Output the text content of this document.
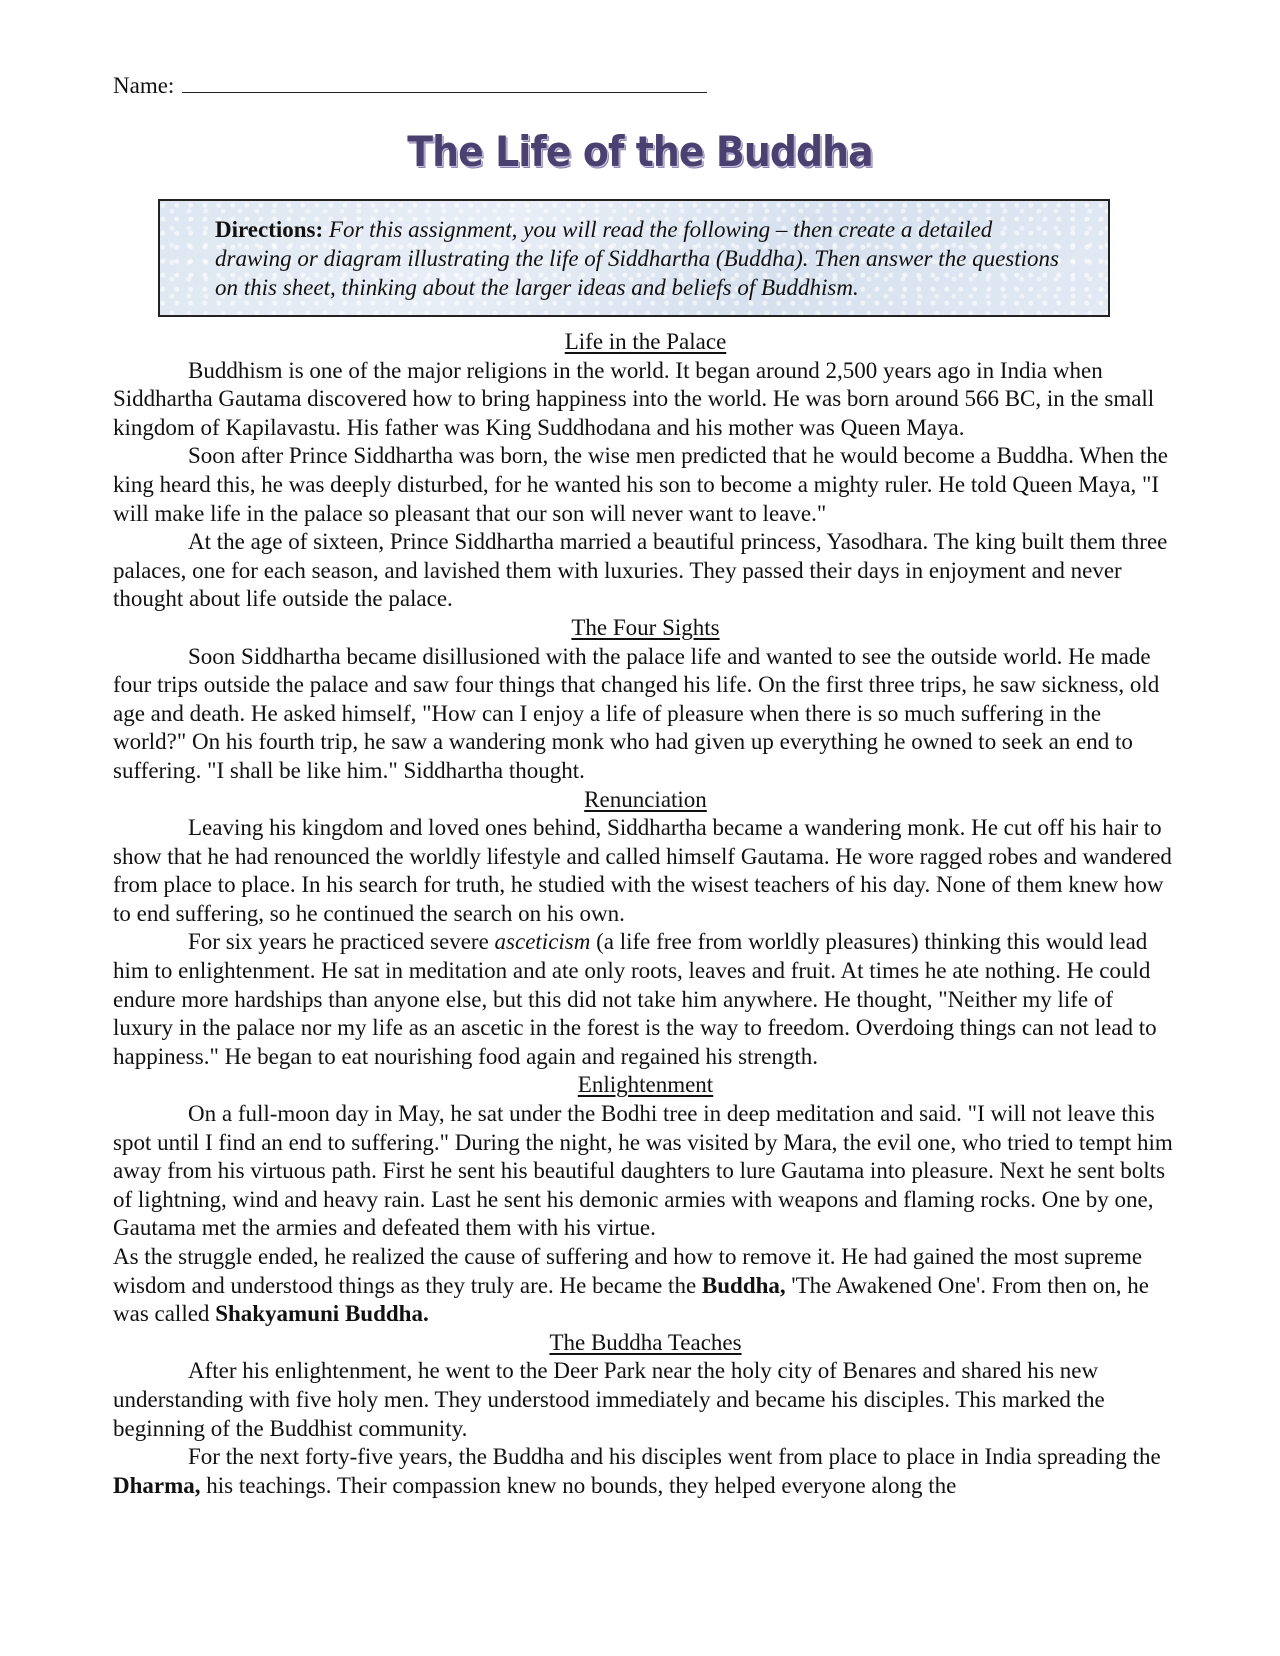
Name:
The Life of the Buddha
Directions: For this assignment, you will read the following – then create a detailed drawing or diagram illustrating the life of Siddhartha (Buddha). Then answer the questions on this sheet, thinking about the larger ideas and beliefs of Buddhism.
Life in the Palace

Buddhism is one of the major religions in the world. It began around 2,500 years ago in India when Siddhartha Gautama discovered how to bring happiness into the world. He was born around 566 BC, in the small kingdom of Kapilavastu. His father was King Suddhodana and his mother was Queen Maya.

Soon after Prince Siddhartha was born, the wise men predicted that he would become a Buddha. When the king heard this, he was deeply disturbed, for he wanted his son to become a mighty ruler. He told Queen Maya, "I will make life in the palace so pleasant that our son will never want to leave."

At the age of sixteen, Prince Siddhartha married a beautiful princess, Yasodhara. The king built them three palaces, one for each season, and lavished them with luxuries. They passed their days in enjoyment and never thought about life outside the palace.

The Four Sights

Soon Siddhartha became disillusioned with the palace life and wanted to see the outside world. He made four trips outside the palace and saw four things that changed his life. On the first three trips, he saw sickness, old age and death. He asked himself, "How can I enjoy a life of pleasure when there is so much suffering in the world?" On his fourth trip, he saw a wandering monk who had given up everything he owned to seek an end to suffering. "I shall be like him." Siddhartha thought.

Renunciation

Leaving his kingdom and loved ones behind, Siddhartha became a wandering monk. He cut off his hair to show that he had renounced the worldly lifestyle and called himself Gautama. He wore ragged robes and wandered from place to place. In his search for truth, he studied with the wisest teachers of his day. None of them knew how to end suffering, so he continued the search on his own.

For six years he practiced severe asceticism (a life free from worldly pleasures) thinking this would lead him to enlightenment. He sat in meditation and ate only roots, leaves and fruit. At times he ate nothing. He could endure more hardships than anyone else, but this did not take him anywhere. He thought, "Neither my life of luxury in the palace nor my life as an ascetic in the forest is the way to freedom. Overdoing things can not lead to happiness." He began to eat nourishing food again and regained his strength.

Enlightenment

On a full-moon day in May, he sat under the Bodhi tree in deep meditation and said. "I will not leave this spot until I find an end to suffering." During the night, he was visited by Mara, the evil one, who tried to tempt him away from his virtuous path. First he sent his beautiful daughters to lure Gautama into pleasure. Next he sent bolts of lightning, wind and heavy rain. Last he sent his demonic armies with weapons and flaming rocks. One by one, Gautama met the armies and defeated them with his virtue.

As the struggle ended, he realized the cause of suffering and how to remove it. He had gained the most supreme wisdom and understood things as they truly are. He became the Buddha, 'The Awakened One'. From then on, he was called Shakyamuni Buddha.

The Buddha Teaches

After his enlightenment, he went to the Deer Park near the holy city of Benares and shared his new understanding with five holy men. They understood immediately and became his disciples. This marked the beginning of the Buddhist community.

For the next forty-five years, the Buddha and his disciples went from place to place in India spreading the Dharma, his teachings. Their compassion knew no bounds, they helped everyone along the
